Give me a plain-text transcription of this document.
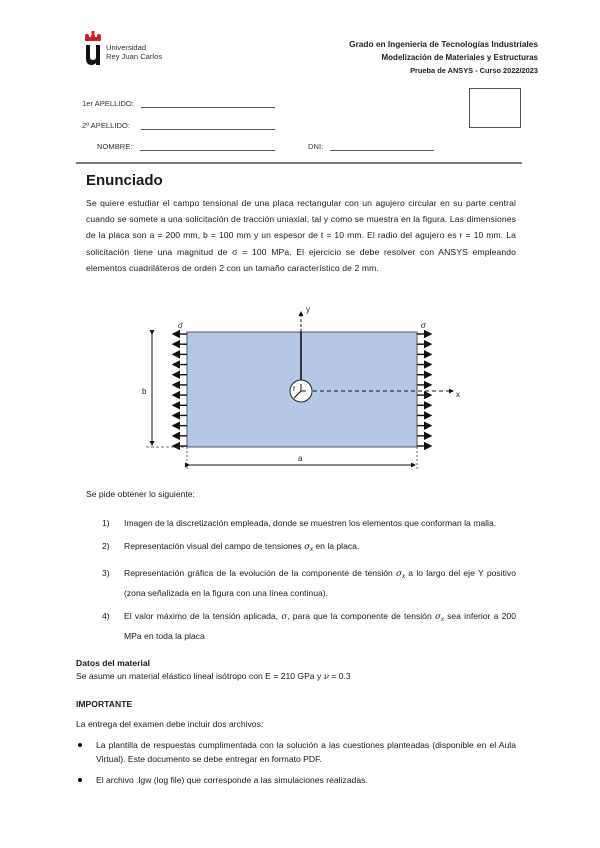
Universidad
Rey Juan Carlos
Grado en Ingeniería de Tecnologías Industriales
Modelización de Materiales y Estructuras
Prueba de ANSYS - Curso 2022/2023
1er APELLIDO:
2º APELLIDO:
NOMBRE:	DNI:
Enunciado
Se quiere estudiar el campo tensional de una placa rectangular con un agujero circular en su parte central cuando se somete a una solicitación de tracción uniaxial, tal y como se muestra en la figura. Las dimensiones de la placa son a = 200 mm, b = 100 mm y un espesor de t = 10 mm. El radio del agujero es r = 10 mm. La solicitación tiene una magnitud de σ = 100 MPa. El ejercicio se debe resolver con ANSYS empleando elementos cuadriláteros de orden 2 con un tamaño característico de 2 mm.
y
x
r
σ	σ
b
a
Se pide obtener lo siguiente:
1) Imagen de la discretización empleada, donde se muestren los elementos que conforman la malla.
2) Representación visual del campo de tensiones $\sigma_x$ en la placa.
3) Representación gráfica de la evolución de la componente de tensión $\sigma_x$ a lo largo del eje Y positivo (zona señalizada en la figura con una línea continua).
4) El valor máximo de la tensión aplicada, σ, para que la componente de tensión $\sigma_x$ sea inferior a 200 MPa en toda la placa
Datos del material
Se asume un material elástico lineal isótropo con E = 210 GPa y ν = 0.3
IMPORTANTE
La entrega del examen debe incluir dos archivos:
La plantilla de respuestas cumplimentada con la solución a las cuestiones planteadas (disponible en el Aula Virtual). Este documento se debe entregar en formato PDF.
El archivo .lgw (log file) que corresponde a las simulaciones realizadas.
